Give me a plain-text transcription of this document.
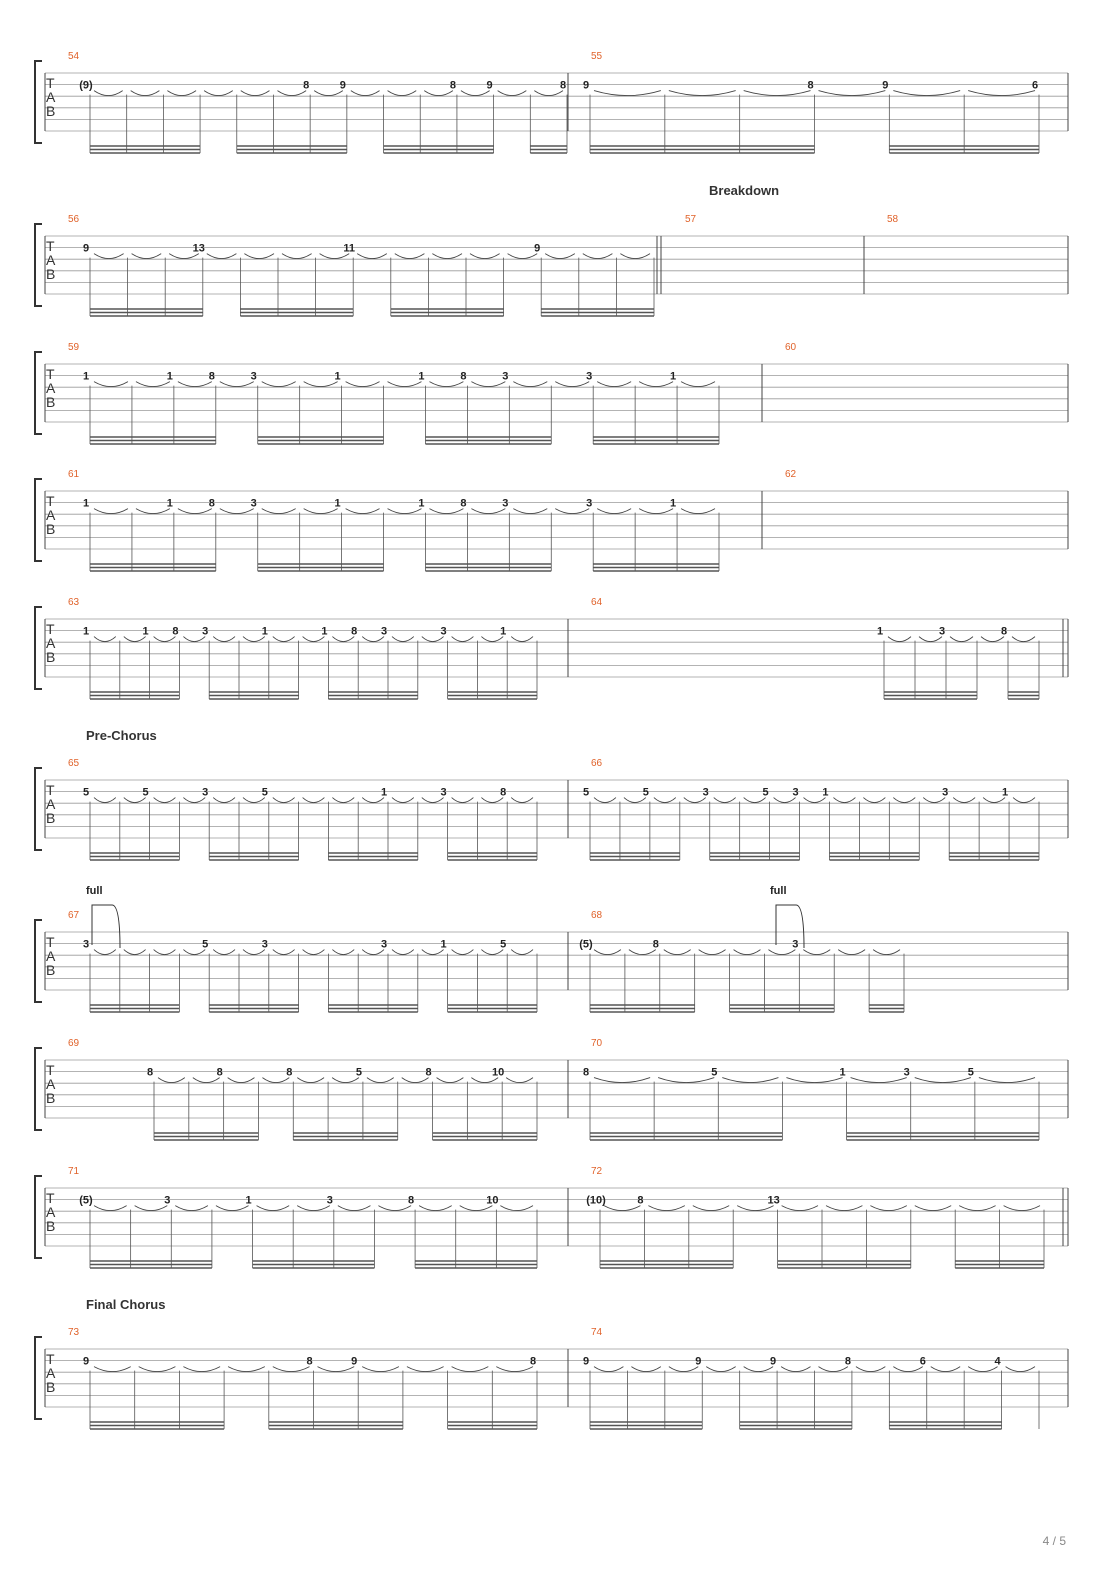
T
A
B
54
(9)	8	9	8	9	8
55
9	8	9	6
T
A
B
56
9	13	11	9
57	58
T
A
B
59
1	1	8	3	1	1	8	3	3	1
60
T
A
B
61
1	1	8	3	1	1	8	3	3	1
62
T
A
B
63
1	1 8 3	1	1 8 3	3	1
64
1	3	8
T
A
B
65
5	5	3	5	1	3	8
66
5	5	3	5 3 1	3	1
T
A
B
67
3	5	3	3	1	5
68
(5)	8	3
full	full
T
A
B
69
8	8	8	5	8	10
70
8	5	1	3	5
T
A
B
71
(5)	3	1	3	8	10
72
(10)	8	13
T
A
B
73
9	8	9	8
74
9	9	9	8	6	4
Breakdown
Pre-Chorus
Final Chorus
4 / 5
